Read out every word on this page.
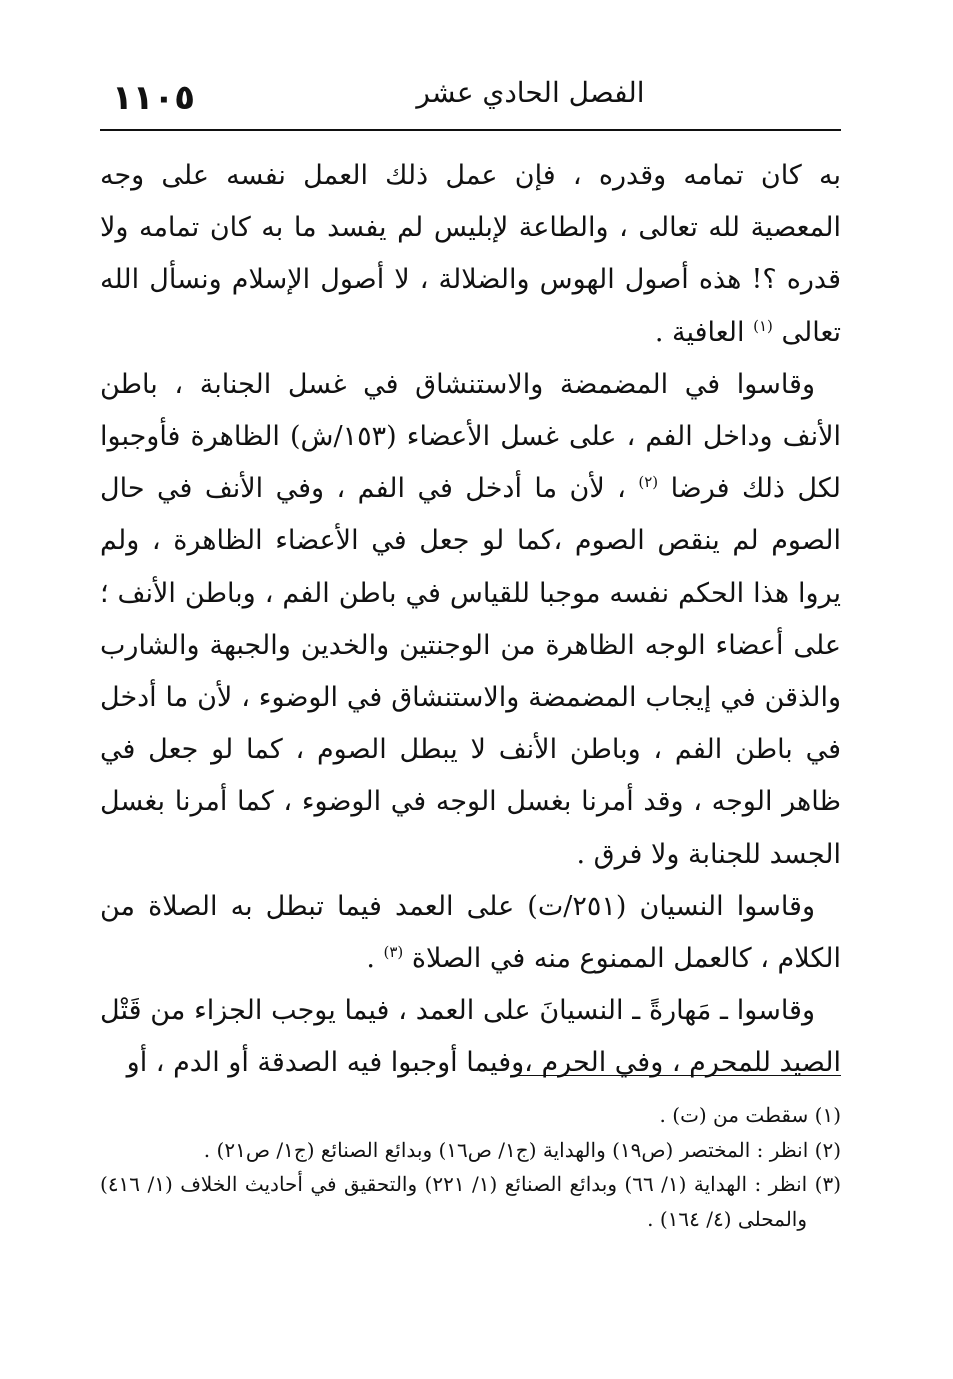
١١٠٥	الفصل الحادي عشر

به كان تمامه وقدره ، فإن عمل ذلك العمل نفسه على وجه المعصية لله تعالى ، والطاعة لإبليس لم يفسد ما به كان تمامه ولا قدره ؟! هذه أصول الهوس والضلالة ، لا أصول الإسلام ونسأل الله تعالى $^{(١)}$ العافية .

وقاسوا في المضمضة والاستنشاق في غسل الجنابة ، باطن الأنف وداخل الفم ، على غسل الأعضاء (١٥٣/ش) الظاهرة فأوجبوا لكل ذلك فرضا $^{(٢)}$ ، لأن ما أدخل في الفم ، وفي الأنف في حال الصوم لم ينقص الصوم ،كما لو جعل في الأعضاء الظاهرة ، ولم يروا هذا الحكم نفسه موجبا للقياس في باطن الفم ، وباطن الأنف ؛ على أعضاء الوجه الظاهرة من الوجنتين والخدين والجبهة والشارب والذقن في إيجاب المضمضة والاستنشاق في الوضوء ، لأن ما أدخل في باطن الفم ، وباطن الأنف لا يبطل الصوم ، كما لو جعل في ظاهر الوجه ، وقد أمرنا بغسل الوجه في الوضوء ، كما أمرنا بغسل الجسد للجنابة ولا فرق .

وقاسوا النسيان (٢٥١/ت) على العمد فيما تبطل به الصلاة من الكلام ، كالعمل الممنوع منه في الصلاة $^{(٣)}$ .

وقاسوا ـ مَهارةً ـ النسيانَ على العمد ، فيما يوجب الجزاء من قَتْل الصيد للمحرم ، وفي الحرم ،وفيما أوجبوا فيه الصدقة أو الدم ، أو

(١) سقطت من (ت) .

(٢) انظر : المختصر (ص١٩) والهداية (ج١/ ص١٦) وبدائع الصنائع (ج١/ ص٢١) .

(٣) انظر : الهداية (١/ ٦٦) وبدائع الصنائع (١/ ٢٢١) والتحقيق في أحاديث الخلاف (١/ ٤١٦) والمحلى (٤/ ١٦٤) .
